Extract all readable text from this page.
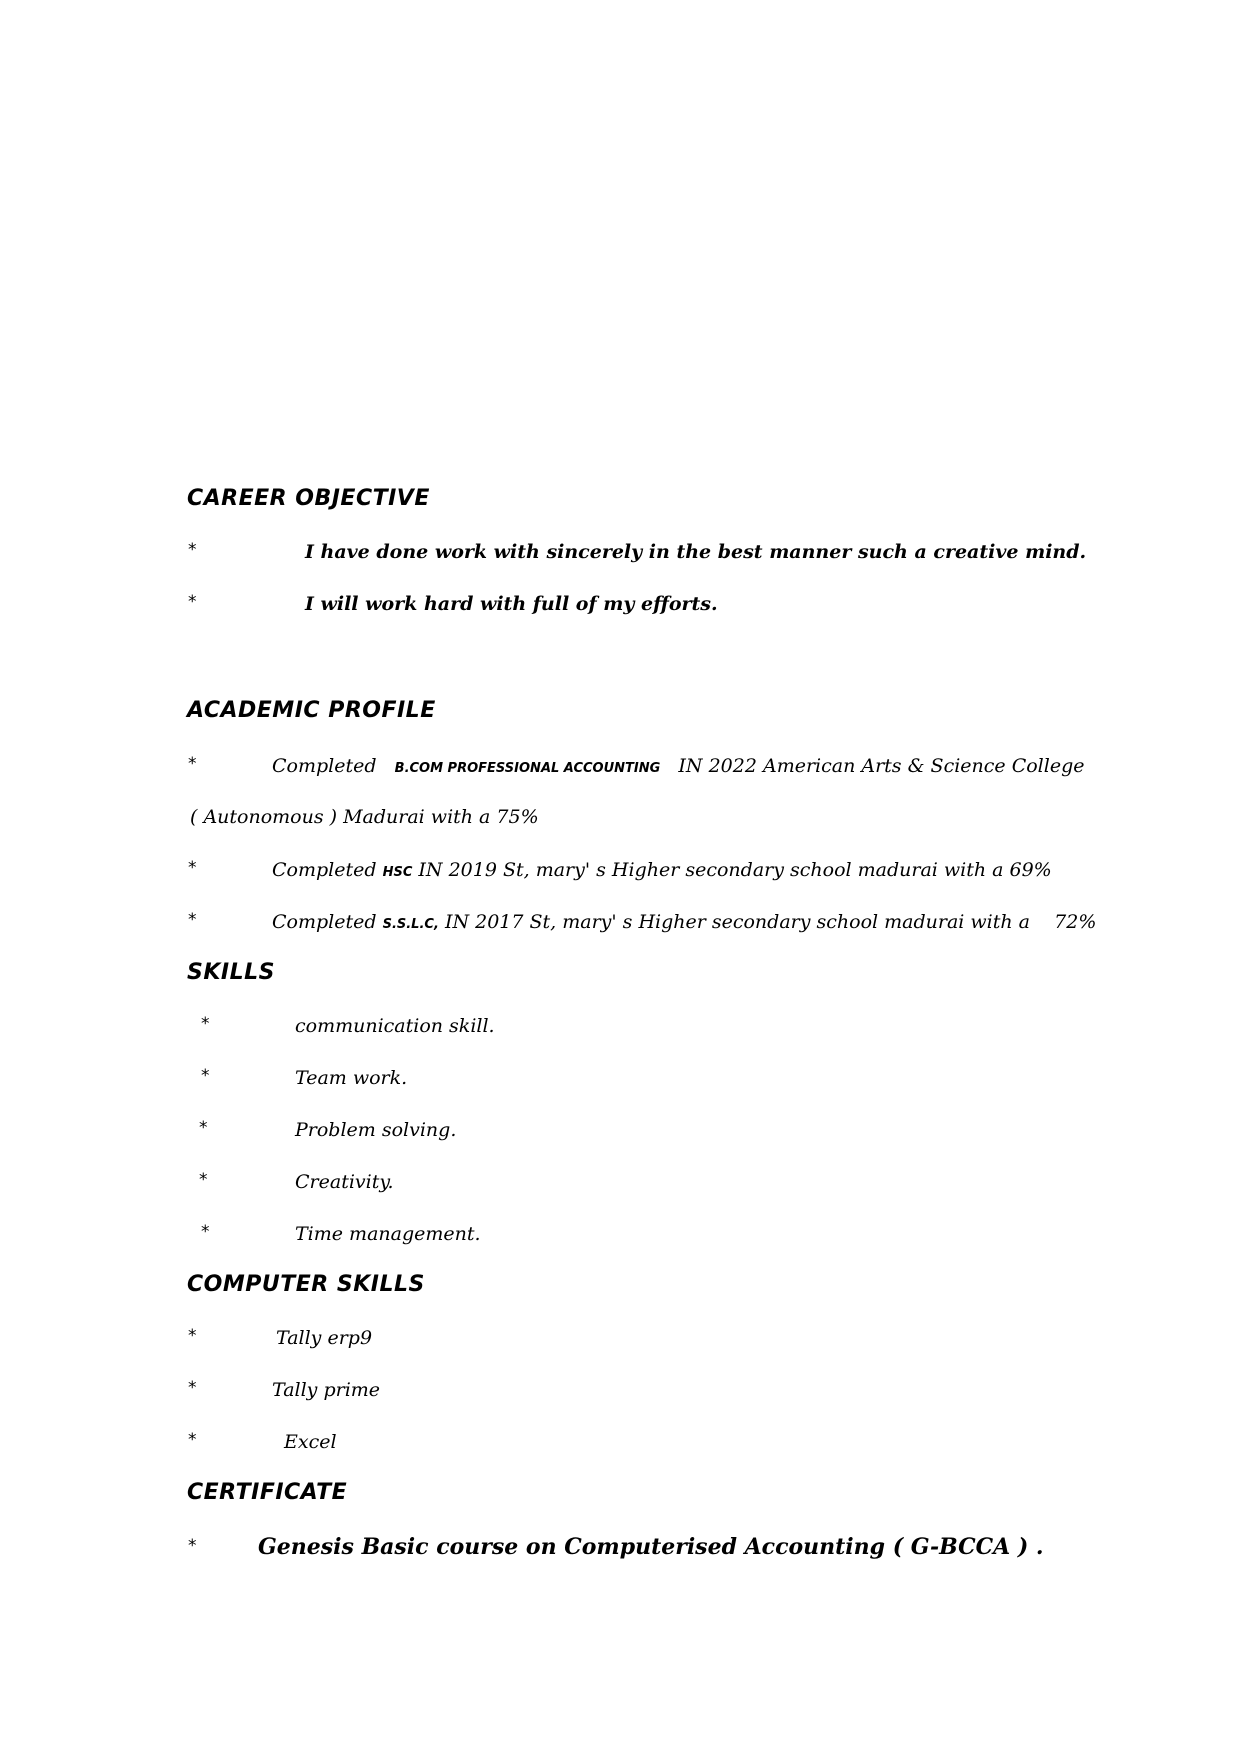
CAREER OBJECTIVE
*	I have done work with sincerely in the best manner such a creative mind.
*	I will work hard with full of my efforts.
ACADEMIC PROFILE
*	Completed B.COM PROFESSIONAL ACCOUNTING IN 2022 American Arts & Science College
( Autonomous ) Madurai with a 75%
*	Completed HSC IN 2019 St, mary' s Higher secondary school madurai with a 69%
*	Completed S.S.L.C, IN 2017 St, mary' s Higher secondary school madurai with a 72%
SKILLS
*	communication skill.
*	Team work.
*	Problem solving.
*	Creativity.
*	Time management.
COMPUTER SKILLS
*	Tally erp9
*	Tally prime
*	Excel
CERTIFICATE
*	Genesis Basic course on Computerised Accounting ( G-BCCA ) .
